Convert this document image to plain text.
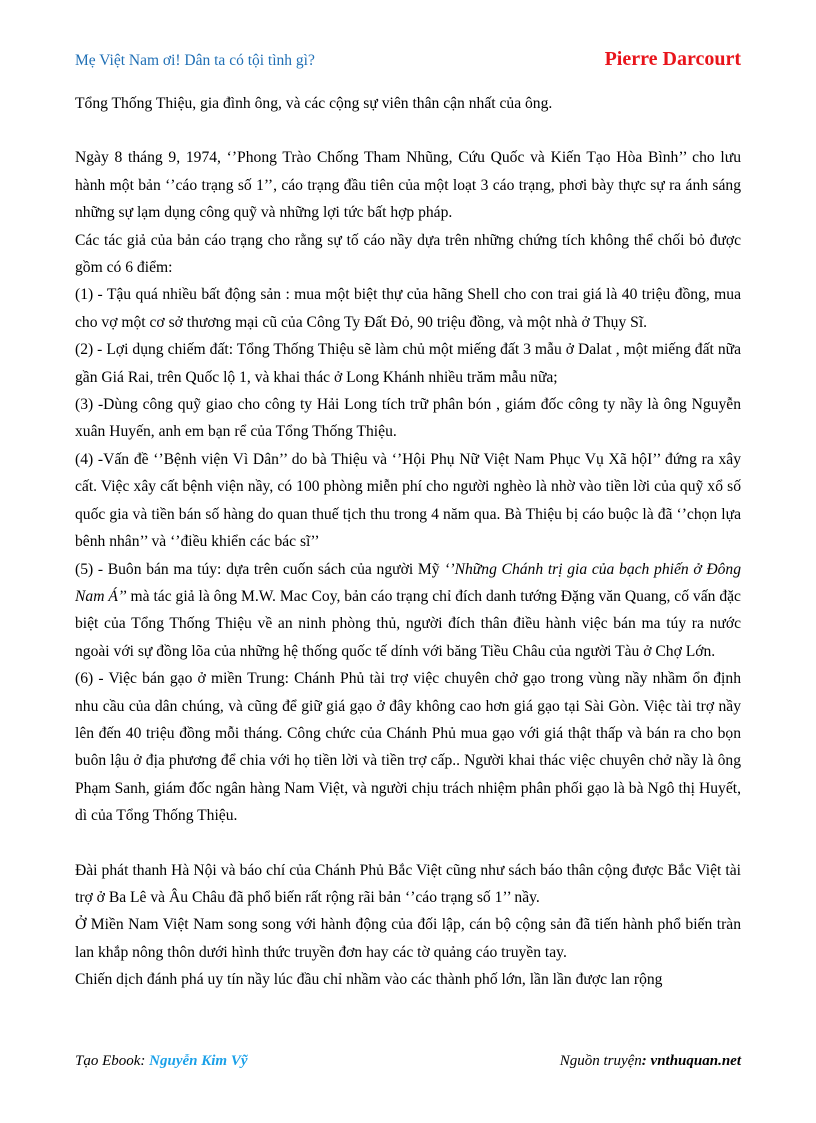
Mẹ Việt Nam ơi! Dân ta có tội tình gì?	Pierre Darcourt

Tổng Thống Thiệu, gia đình ông, và các cộng sự viên thân cận nhất của ông.

Ngày 8 tháng 9, 1974, ‘’Phong Trào Chống Tham Nhũng, Cứu Quốc và Kiến Tạo Hòa Bình’’ cho lưu hành một bản ‘’cáo trạng số 1’’, cáo trạng đầu tiên của một loạt 3 cáo trạng, phơi bày thực sự ra ánh sáng những sự lạm dụng công quỹ và những lợi tức bất hợp pháp.

Các tác giả của bản cáo trạng cho rằng sự tố cáo nầy dựa trên những chứng tích không thể chối bỏ được gồm có 6 điểm:

(1) - Tậu quá nhiều bất động sản : mua một biệt thự của hãng Shell cho con trai giá là 40 triệu đồng, mua cho vợ một cơ sở thương mại cũ của Công Ty Đất Đỏ, 90 triệu đồng, và một nhà ở Thụy Sĩ.

(2) - Lợi dụng chiếm đất: Tổng Thống Thiệu sẽ làm chủ một miếng đất 3 mẫu ở Dalat , một miếng đất nữa gần Giá Rai, trên Quốc lộ 1, và khai thác ở Long Khánh nhiều trăm mẫu nữa;

(3) -Dùng công quỹ giao cho công ty Hải Long tích trữ phân bón , giám đốc công ty nầy là ông Nguyễn xuân Huyến, anh em bạn rể của Tổng Thống Thiệu.

(4) -Vấn đề ‘’Bệnh viện Vì Dân’’ do bà Thiệu và ‘’Hội Phụ Nữ Việt Nam Phục Vụ Xã hộI’’ đứng ra xây cất. Việc xây cất bệnh viện nầy, có 100 phòng miễn phí cho người nghèo là nhờ vào tiền lời của quỹ xổ số quốc gia và tiền bán số hàng do quan thuế tịch thu trong 4 năm qua. Bà Thiệu bị cáo buộc là đã ‘’chọn lựa bênh nhân’’ và ‘’điều khiển các bác sĩ’’

(5) - Buôn bán ma túy: dựa trên cuốn sách của người Mỹ ‘’Những Chánh trị gia của bạch phiến ở Đông Nam Á’’ mà tác giả là ông M.W. Mac Coy, bản cáo trạng chỉ đích danh tướng Đặng văn Quang, cố vấn đặc biệt của Tổng Thống Thiệu về an ninh phòng thủ, người đích thân điều hành việc bán ma túy ra nước ngoài với sự đồng lõa của những hệ thống quốc tế dính với băng Tiều Châu của người Tàu ở Chợ Lớn.

(6) - Việc bán gạo ở miền Trung: Chánh Phủ tài trợ việc chuyên chở gạo trong vùng nầy nhầm ổn định nhu cầu của dân chúng, và cũng để giữ giá gạo ở đây không cao hơn giá gạo tại Sài Gòn. Việc tài trợ nầy lên đến 40 triệu đồng mỗi tháng. Công chức của Chánh Phủ mua gạo với giá thật thấp và bán ra cho bọn buôn lậu ở địa phương để chia với họ tiền lời và tiền trợ cấp.. Người khai thác việc chuyên chở nầy là ông Phạm Sanh, giám đốc ngân hàng Nam Việt, và người chịu trách nhiệm phân phối gạo là bà Ngô thị Huyết, dì của Tổng Thống Thiệu.

Đài phát thanh Hà Nội và báo chí của Chánh Phủ Bắc Việt cũng như sách báo thân cộng được Bắc Việt tài trợ ở Ba Lê và Âu Châu đã phổ biến rất rộng rãi bản ‘’cáo trạng số 1’’ nầy.

Ở Miền Nam Việt Nam song song với hành động của đối lập, cán bộ cộng sản đã tiến hành phổ biến tràn lan khắp nông thôn dưới hình thức truyền đơn hay các tờ quảng cáo truyền tay.

Chiến dịch đánh phá uy tín nầy lúc đầu chỉ nhầm vào các thành phố lớn, lần lần được lan rộng

Tạo Ebook: Nguyễn Kim Vỹ	Nguồn truyện: vnthuquan.net
